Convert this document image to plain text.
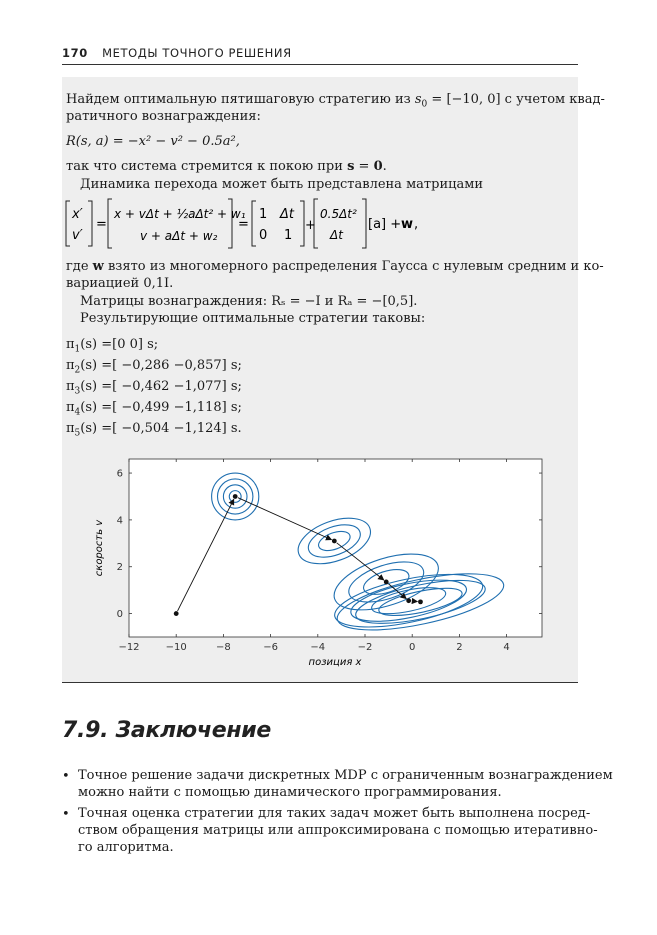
170 МЕТОДЫ ТОЧНОГО РЕШЕНИЯ
Найдем оптимальную пятишаговую стратегию из $s_0 = [-10$, 0] с учетом квад-
ратичного вознаграждения:
R(s, a) = −x² − v² − 0.5a²,
так что система стремится к покою при s = 0.
Динамика перехода может быть представлена матрицами
x′
v′
=
x + vΔt + ½aΔt² + w₁
v + aΔt + w₂
=
1 Δt
0 1
+
0.5Δt²
Δt
[a] + w ,
где w взято из многомерного распределения Гаусса с нулевым средним и ко-
вариацией 0,1I.
Матрицы вознаграждения: Rₛ = −I и Rₐ = −[0,5].
Результирующие оптимальные стратегии таковы:
$\pi_1(s) =[0$ 0] s;
$\pi_2(s)$ =[ −0,286 −0,857] s;
$\pi_3(s)$ =[ −0,462 −1,077] s;
$\pi_4(s)$ =[ −0,499 −1,118] s;
$\pi_5(s)$ =[ −0,504 −1,124] s.
−12	−10	−8	−6	−4	−2	0	2	4
0
2
4
6
позиция x
скорость v
7.9. Заключение
• Точное решение задачи дискретных MDP с ограниченным вознаграждением
можно найти с помощью динамического программирования.
• Точная оценка стратегии для таких задач может быть выполнена посред-
ством обращения матрицы или аппроксимирована с помощью итеративно-
го алгоритма.
